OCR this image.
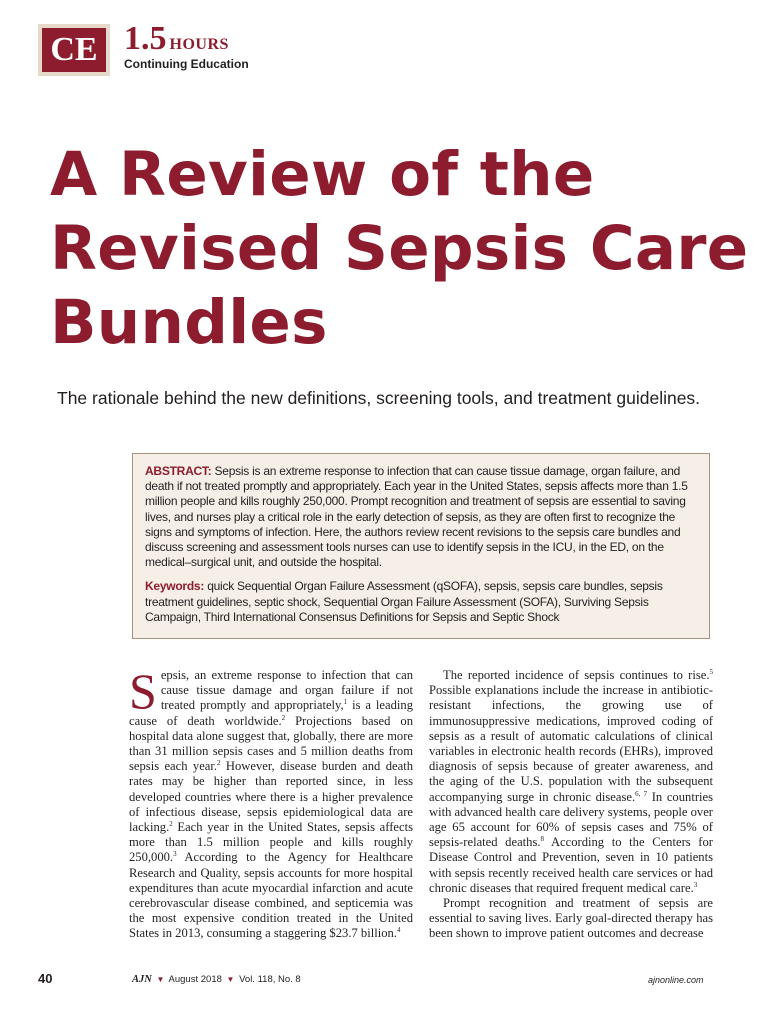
CE 1.5 HOURS
Continuing Education
A Review of the Revised Sepsis Care Bundles
The rationale behind the new definitions, screening tools, and treatment guidelines.

ABSTRACT: Sepsis is an extreme response to infection that can cause tissue damage, organ failure, and death if not treated promptly and appropriately. Each year in the United States, sepsis affects more than 1.5 million people and kills roughly 250,000. Prompt recognition and treatment of sepsis are essential to saving lives, and nurses play a critical role in the early detection of sepsis, as they are often first to recognize the signs and symptoms of infection. Here, the authors review recent revisions to the sepsis care bundles and discuss screening and assessment tools nurses can use to identify sepsis in the ICU, in the ED, on the medical–surgical unit, and outside the hospital.

Keywords: quick Sequential Organ Failure Assessment (qSOFA), sepsis, sepsis care bundles, sepsis treatment guidelines, septic shock, Sequential Organ Failure Assessment (SOFA), Surviving Sepsis Campaign, Third International Consensus Definitions for Sepsis and Septic Shock

Sepsis, an extreme response to infection that can cause tissue damage and organ failure if not treated promptly and appropriately,$^1$ is a leading cause of death worldwide.$^2$ Projections based on hospital data alone suggest that, globally, there are more than 31 million sepsis cases and 5 million deaths from sepsis each year.$^2$ However, disease burden and death rates may be higher than reported since, in less developed countries where there is a higher prevalence of infectious disease, sepsis epidemiological data are lacking.$^2$ Each year in the United States, sepsis affects more than 1.5 million people and kills roughly 250,000.$^3$ According to the Agency for Healthcare Research and Quality, sepsis accounts for more hospital expenditures than acute myocardial infarction and acute cerebrovascular disease combined, and septicemia was the most expensive condition treated in the United States in 2013, consuming a staggering $23.7 billion.$^4$

The reported incidence of sepsis continues to rise.$^5$ Possible explanations include the increase in antibiotic-resistant infections, the growing use of immunosuppressive medications, improved coding of sepsis as a result of automatic calculations of clinical variables in electronic health records (EHRs), improved diagnosis of sepsis because of greater awareness, and the aging of the U.S. population with the subsequent accompanying surge in chronic disease.$^{6, 7}$ In countries with advanced health care delivery systems, people over age 65 account for 60% of sepsis cases and 75% of sepsis-related deaths.$^8$ According to the Centers for Disease Control and Prevention, seven in 10 patients with sepsis recently received health care services or had chronic diseases that required frequent medical care.$^3$

Prompt recognition and treatment of sepsis are essential to saving lives. Early goal-directed therapy has been shown to improve patient outcomes and decrease

40	AJN ▼ August 2018 ▼ Vol. 118, No. 8	ajnonline.com
